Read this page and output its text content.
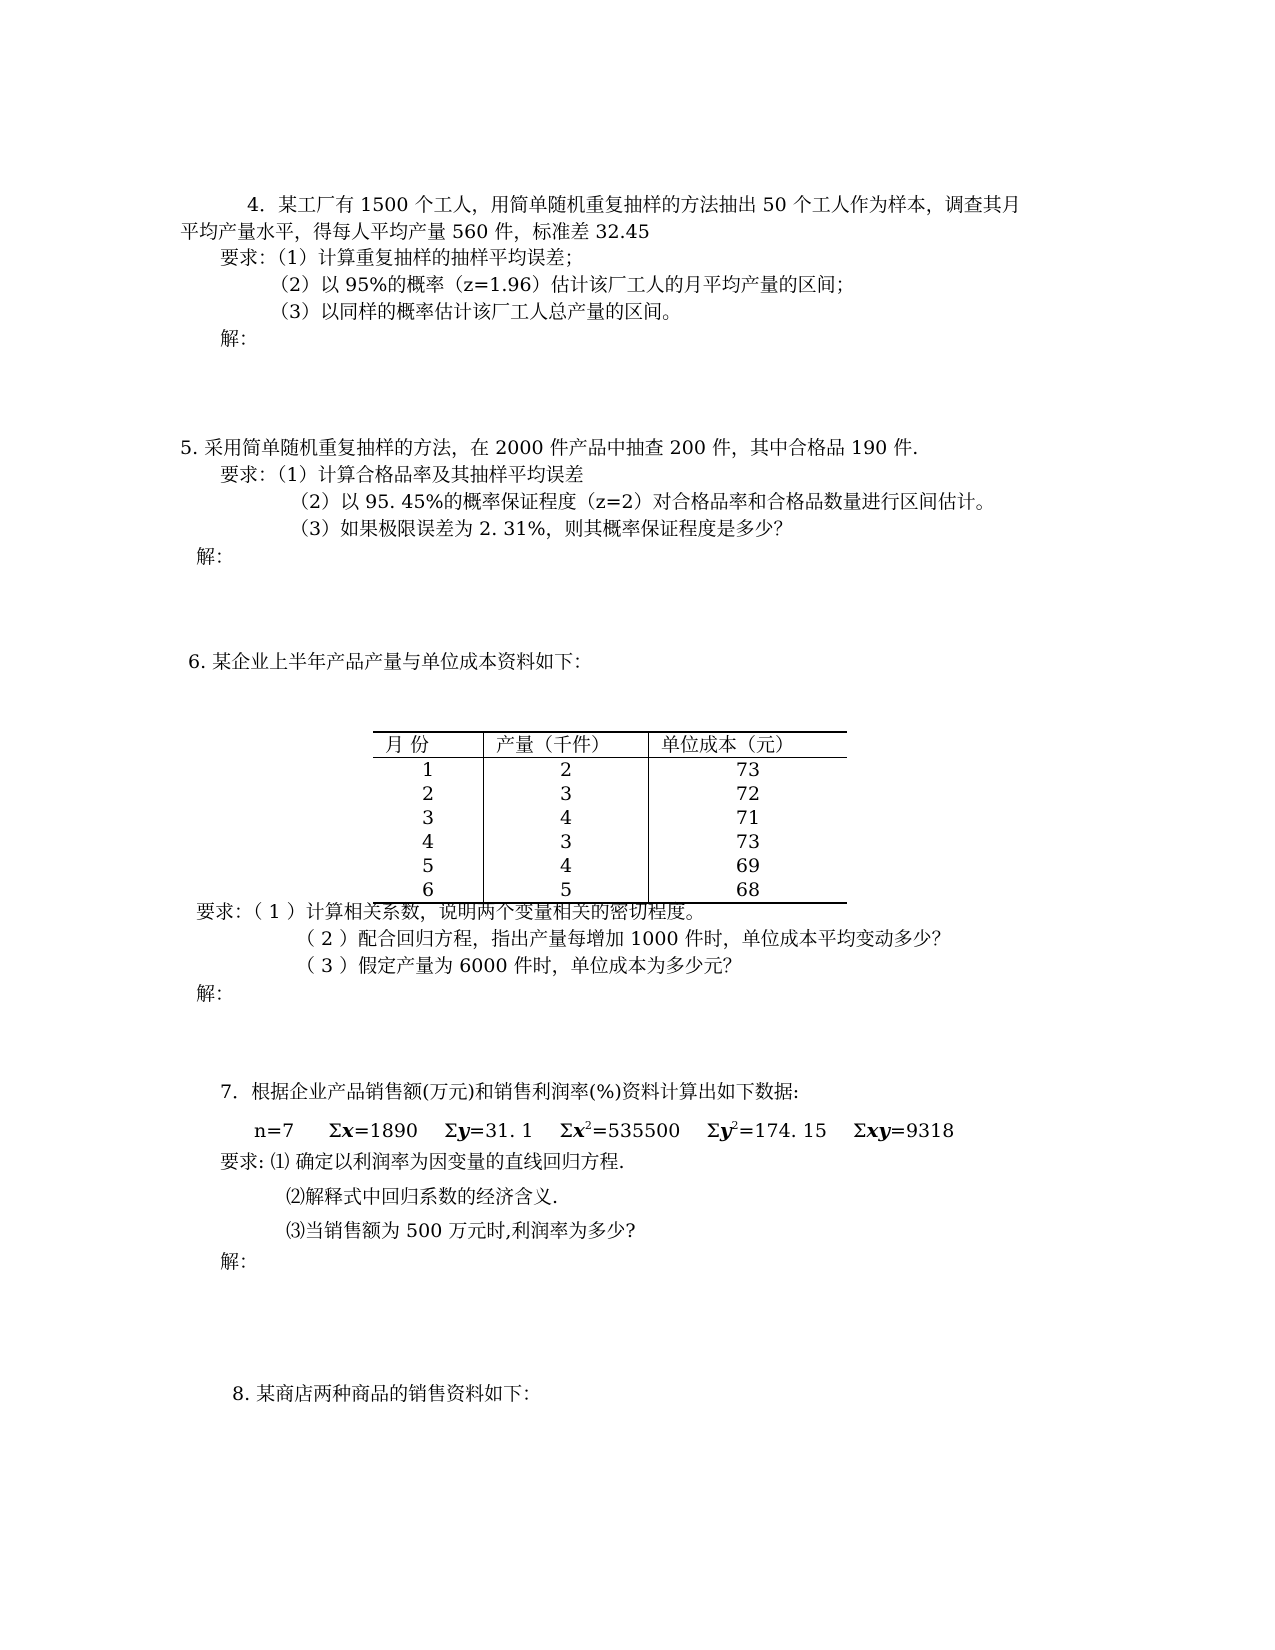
4．某工厂有 1500 个工人，用简单随机重复抽样的方法抽出 50 个工人作为样本，调查其月
平均产量水平，得每人平均产量 560 件，标准差 32.45
要求：（1）计算重复抽样的抽样平均误差；
（2）以 95%的概率（z=1.96）估计该厂工人的月平均产量的区间；
（3）以同样的概率估计该厂工人总产量的区间。
解：
5. 采用简单随机重复抽样的方法，在 2000 件产品中抽查 200 件，其中合格品 190 件.
要求：（1）计算合格品率及其抽样平均误差
（2）以 95. 45%的概率保证程度（z=2）对合格品率和合格品数量进行区间估计。
（3）如果极限误差为 2. 31%，则其概率保证程度是多少？
解：
6. 某企业上半年产品产量与单位成本资料如下：
月 份	产量（千件）	单位成本（元）
1	2	73
2	3	72
3	4	71
4	3	73
5	4	69
6	5	68
要求：（ 1 ）计算相关系数，说明两个变量相关的密切程度。
（ 2 ）配合回归方程，指出产量每增加 1000 件时，单位成本平均变动多少？
（ 3 ）假定产量为 6000 件时，单位成本为多少元？
解：
7．根据企业产品销售额(万元)和销售利润率(%)资料计算出如下数据:
n=7 Σx=1890 Σy=31. 1 $\Sigma x^2=535500$ $\Sigma y^2=174$. 15 Σxy=9318
要求: ⑴ 确定以利润率为因变量的直线回归方程.
⑵解释式中回归系数的经济含义.
⑶当销售额为 500 万元时,利润率为多少?
解：
8. 某商店两种商品的销售资料如下：
